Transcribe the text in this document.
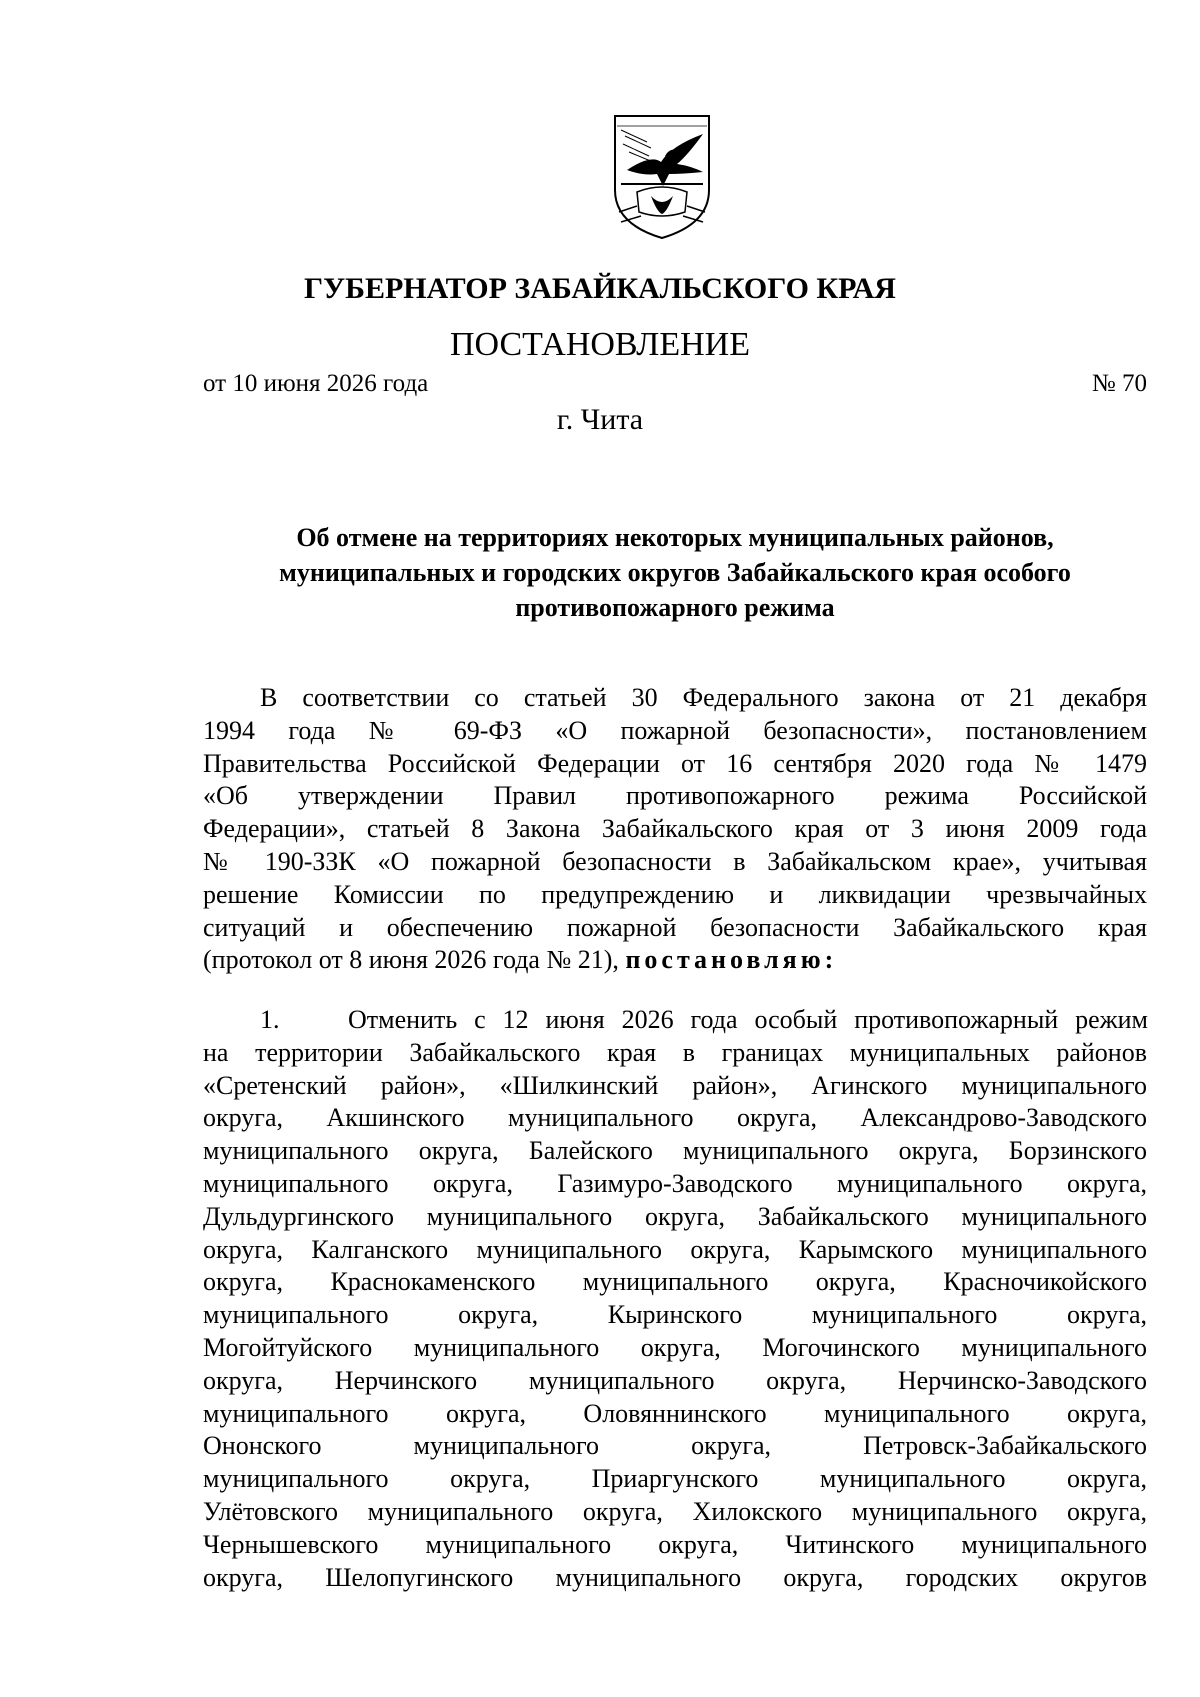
ГУБЕРНАТОР ЗАБАЙКАЛЬСКОГО КРАЯ
ПОСТАНОВЛЕНИЕ
от 10 июня 2026 года	№ 70
г. Чита
Об отмене на территориях некоторых муниципальных районов,
муниципальных и городских округов Забайкальского края особого
противопожарного режима
В соответствии со статьей 30 Федерального закона от 21 декабря
1994 года № 69-ФЗ «О пожарной безопасности», постановлением
Правительства Российской Федерации от 16 сентября 2020 года № 1479
«Об утверждении Правил противопожарного режима Российской
Федерации», статьей 8 Закона Забайкальского края от 3 июня 2009 года
№ 190-ЗЗК «О пожарной безопасности в Забайкальском крае», учитывая
решение Комиссии по предупреждению и ликвидации чрезвычайных
ситуаций и обеспечению пожарной безопасности Забайкальского края
(протокол от 8 июня 2026 года № 21), постановляю:
1.	Отменить с 12 июня 2026 года особый противопожарный режим
на территории Забайкальского края в границах муниципальных районов
«Сретенский район», «Шилкинский район», Агинского муниципального
округа, Акшинского муниципального округа, Александрово-Заводского
муниципального округа, Балейского муниципального округа, Борзинского
муниципального округа, Газимуро-Заводского муниципального округа,
Дульдургинского муниципального округа, Забайкальского муниципального
округа, Калганского муниципального округа, Карымского муниципального
округа, Краснокаменского муниципального округа, Красночикойского
муниципального округа, Кыринского муниципального округа,
Могойтуйского муниципального округа, Могочинского муниципального
округа, Нерчинского муниципального округа, Нерчинско-Заводского
муниципального округа, Оловяннинского муниципального округа,
Ононского муниципального округа, Петровск-Забайкальского
муниципального округа, Приаргунского муниципального округа,
Улётовского муниципального округа, Хилокского муниципального округа,
Чернышевского муниципального округа, Читинского муниципального
округа, Шелопугинского муниципального округа, городских округов
